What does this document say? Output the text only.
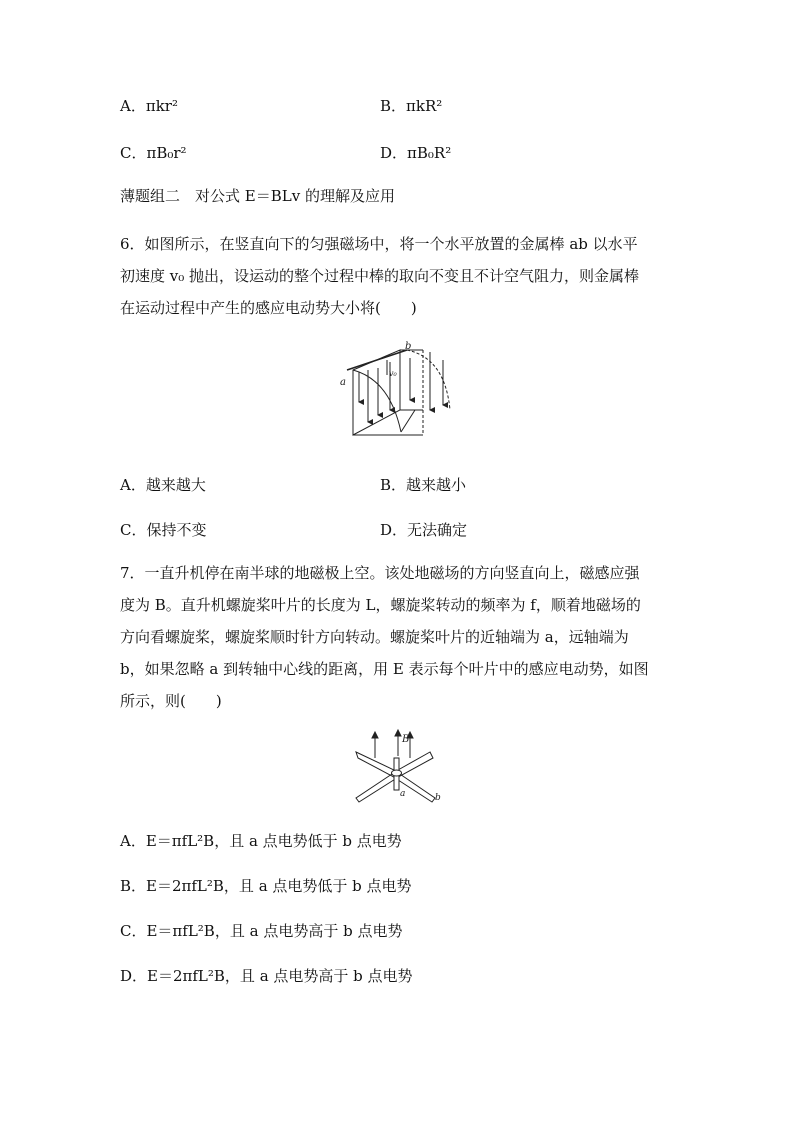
A．πkr²	B．πkR²
C．πB₀r²	D．πB₀R²
薄题组二　对公式 E＝BLv 的理解及应用
6．如图所示，在竖直向下的匀强磁场中，将一个水平放置的金属棒 ab 以水平
初速度 v₀ 抛出，设运动的整个过程中棒的取向不变且不计空气阻力，则金属棒
在运动过程中产生的感应电动势大小将(　　)
a
b
v₀
A．越来越大	B．越来越小
C．保持不变	D．无法确定
7．一直升机停在南半球的地磁极上空。该处地磁场的方向竖直向上，磁感应强
度为 B。直升机螺旋桨叶片的长度为 L，螺旋桨转动的频率为 f，顺着地磁场的
方向看螺旋桨，螺旋桨顺时针方向转动。螺旋桨叶片的近轴端为 a，远轴端为
b，如果忽略 a 到转轴中心线的距离，用 E 表示每个叶片中的感应电动势，如图
所示，则(　　)
B
a	b
A．E＝πfL²B，且 a 点电势低于 b 点电势
B．E＝2πfL²B，且 a 点电势低于 b 点电势
C．E＝πfL²B，且 a 点电势高于 b 点电势
D．E＝2πfL²B，且 a 点电势高于 b 点电势
